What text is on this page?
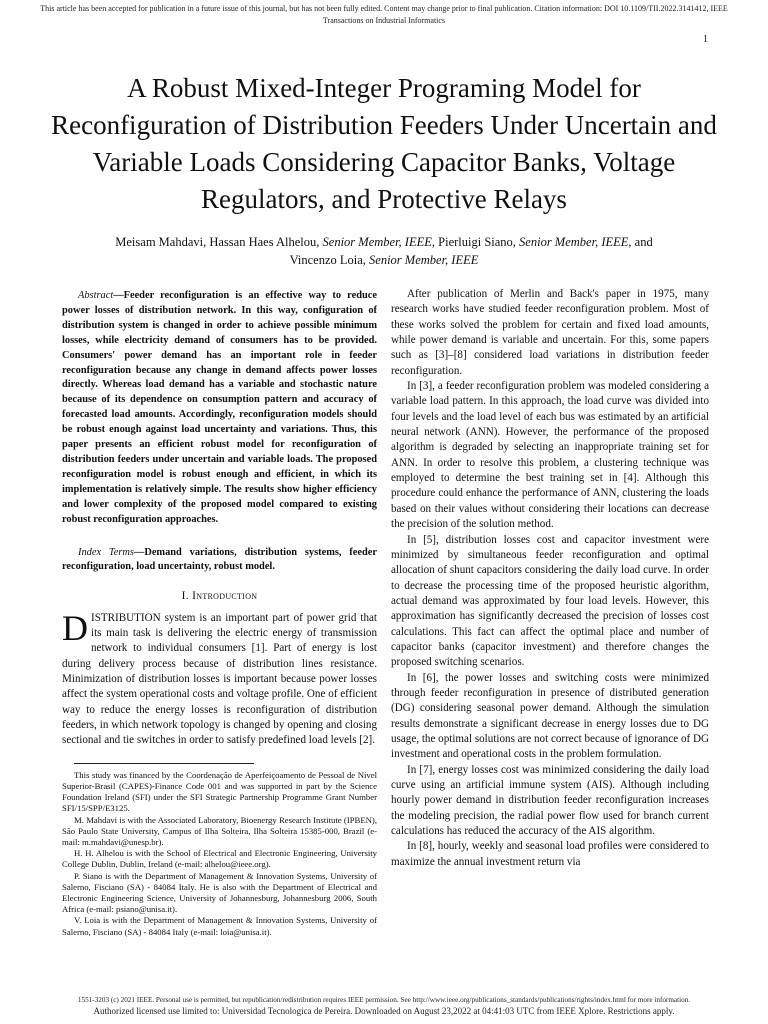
This article has been accepted for publication in a future issue of this journal, but has not been fully edited. Content may change prior to final publication. Citation information: DOI 10.1109/TII.2022.3141412, IEEE
Transactions on Industrial Informatics
1
A Robust Mixed-Integer Programing Model for Reconfiguration of Distribution Feeders Under Uncertain and Variable Loads Considering Capacitor Banks, Voltage Regulators, and Protective Relays
Meisam Mahdavi, Hassan Haes Alhelou, Senior Member, IEEE, Pierluigi Siano, Senior Member, IEEE, and
Vincenzo Loia, Senior Member, IEEE

Abstract—Feeder reconfiguration is an effective way to reduce power losses of distribution network. In this way, configuration of distribution system is changed in order to achieve possible minimum losses, while electricity demand of consumers has to be provided. Consumers' power demand has an important role in feeder reconfiguration because any change in demand affects power losses directly. Whereas load demand has a variable and stochastic nature because of its dependence on consumption pattern and accuracy of forecasted load amounts. Accordingly, reconfiguration models should be robust enough against load uncertainty and variations. Thus, this paper presents an efficient robust model for reconfiguration of distribution feeders under uncertain and variable loads. The proposed reconfiguration model is robust enough and efficient, in which its implementation is relatively simple. The results show higher efficiency and lower complexity of the proposed model compared to existing robust reconfiguration approaches.

Index Terms—Demand variations, distribution systems, feeder reconfiguration, load uncertainty, robust model.

I. Introduction

DISTRIBUTION system is an important part of power grid that its main task is delivering the electric energy of transmission network to individual consumers [1]. Part of energy is lost during delivery process because of distribution lines resistance. Minimization of distribution losses is important because power losses affect the system operational costs and voltage profile. One of efficient way to reduce the energy losses is reconfiguration of distribution feeders, in which network topology is changed by opening and closing sectional and tie switches in order to satisfy predefined load levels [2].

This study was financed by the Coordenação de Aperfeiçoamento de Pessoal de Nível Superior-Brasil (CAPES)-Finance Code 001 and was supported in part by the Science Foundation Ireland (SFI) under the SFI Strategic Partnership Programme Grant Number SFI/15/SPP/E3125.

M. Mahdavi is with the Associated Laboratory, Bioenergy Research Institute (IPBEN), São Paulo State University, Campus of Ilha Solteira, Ilha Solteira 15385-000, Brazil (e-mail: m.mahdavi@unesp.br).

H. H. Alhelou is with the School of Electrical and Electronic Engineering, University College Dublin, Dublin, Ireland (e-mail: alhelou@ieee.org).

P. Siano is with the Department of Management & Innovation Systems, University of Salerno, Fisciano (SA) - 84084 Italy. He is also with the Department of Electrical and Electronic Engineering Science, University of Johannesburg, Johannesburg 2006, South Africa (e-mail: psiano@unisa.it).

V. Loia is with the Department of Management & Innovation Systems, University of Salerno, Fisciano (SA) - 84084 Italy (e-mail: loia@unisa.it).

After publication of Merlin and Back's paper in 1975, many research works have studied feeder reconfiguration problem. Most of these works solved the problem for certain and fixed load amounts, while power demand is variable and uncertain. For this, some papers such as [3]–[8] considered load variations in distribution feeder reconfiguration.

In [3], a feeder reconfiguration problem was modeled considering a variable load pattern. In this approach, the load curve was divided into four levels and the load level of each bus was estimated by an artificial neural network (ANN). However, the performance of the proposed algorithm is degraded by selecting an inappropriate training set for ANN. In order to resolve this problem, a clustering technique was employed to determine the best training set in [4]. Although this procedure could enhance the performance of ANN, clustering the loads based on their values without considering their locations can decrease the precision of the solution method.

In [5], distribution losses cost and capacitor investment were minimized by simultaneous feeder reconfiguration and optimal allocation of shunt capacitors considering the daily load curve. In order to decrease the processing time of the proposed heuristic algorithm, actual demand was approximated by four load levels. However, this approximation has significantly decreased the precision of losses cost calculations. This fact can affect the optimal place and number of capacitor banks (capacitor investment) and therefore changes the proposed switching scenarios.

In [6], the power losses and switching costs were minimized through feeder reconfiguration in presence of distributed generation (DG) considering seasonal power demand. Although the simulation results demonstrate a significant decrease in energy losses due to DG usage, the optimal solutions are not correct because of ignorance of DG investment and operational costs in the problem formulation.

In [7], energy losses cost was minimized considering the daily load curve using an artificial immune system (AIS). Although including hourly power demand in distribution feeder reconfiguration increases the modeling precision, the radial power flow used for branch current calculations has reduced the accuracy of the AIS algorithm.

In [8], hourly, weekly and seasonal load profiles were considered to maximize the annual investment return via

1551-3203 (c) 2021 IEEE. Personal use is permitted, but republication/redistribution requires IEEE permission. See http://www.ieee.org/publications_standards/publications/rights/index.html for more information.
Authorized licensed use limited to: Universidad Tecnologica de Pereira. Downloaded on August 23,2022 at 04:41:03 UTC from IEEE Xplore. Restrictions apply.
